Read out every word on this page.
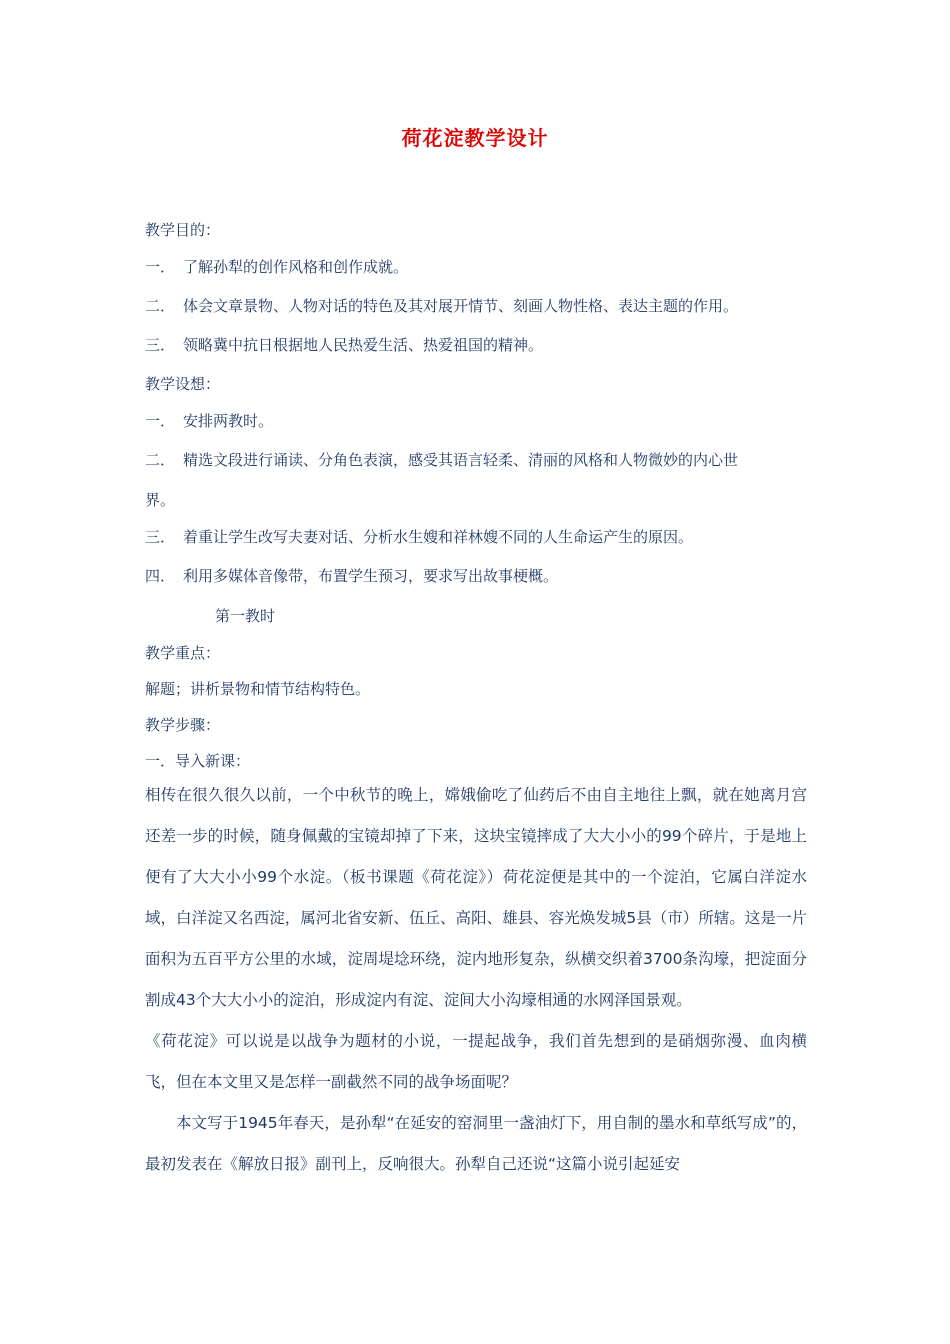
荷花淀教学设计
教学目的：
一． 了解孙犁的创作风格和创作成就。
二． 体会文章景物、人物对话的特色及其对展开情节、刻画人物性格、表达主题的作用。
三． 领略冀中抗日根据地人民热爱生活、热爱祖国的精神。
教学设想：
一． 安排两教时。
二． 精选文段进行诵读、分角色表演，感受其语言轻柔、清丽的风格和人物微妙的内心世
界。
三． 着重让学生改写夫妻对话、分析水生嫂和祥林嫂不同的人生命运产生的原因。
四． 利用多媒体音像带，布置学生预习，要求写出故事梗概。
第一教时
教学重点：
解题；讲析景物和情节结构特色。
教学步骤：
一．导入新课：

相传在很久很久以前，一个中秋节的晚上，嫦娥偷吃了仙药后不由自主地往上飘，就在她离月宫还差一步的时候，随身佩戴的宝镜却掉了下来，这块宝镜摔成了大大小小的99个碎片，于是地上便有了大大小小99个水淀。（板书课题《荷花淀》）荷花淀便是其中的一个淀泊，它属白洋淀水域，白洋淀又名西淀，属河北省安新、伍丘、高阳、雄县、容光焕发城5县（市）所辖。这是一片面积为五百平方公里的水域，淀周堤埝环绕，淀内地形复杂，纵横交织着3700条沟壕，把淀面分割成43个大大小小的淀泊，形成淀内有淀、淀间大小沟壕相通的水网泽国景观。

《荷花淀》可以说是以战争为题材的小说，一提起战争，我们首先想到的是硝烟弥漫、血肉横飞，但在本文里又是怎样一副截然不同的战争场面呢？

本文写于1945年春天，是孙犁“在延安的窑洞里一盏油灯下，用自制的墨水和草纸写成”的，最初发表在《解放日报》副刊上，反响很大。孙犁自己还说“这篇小说引起延安
